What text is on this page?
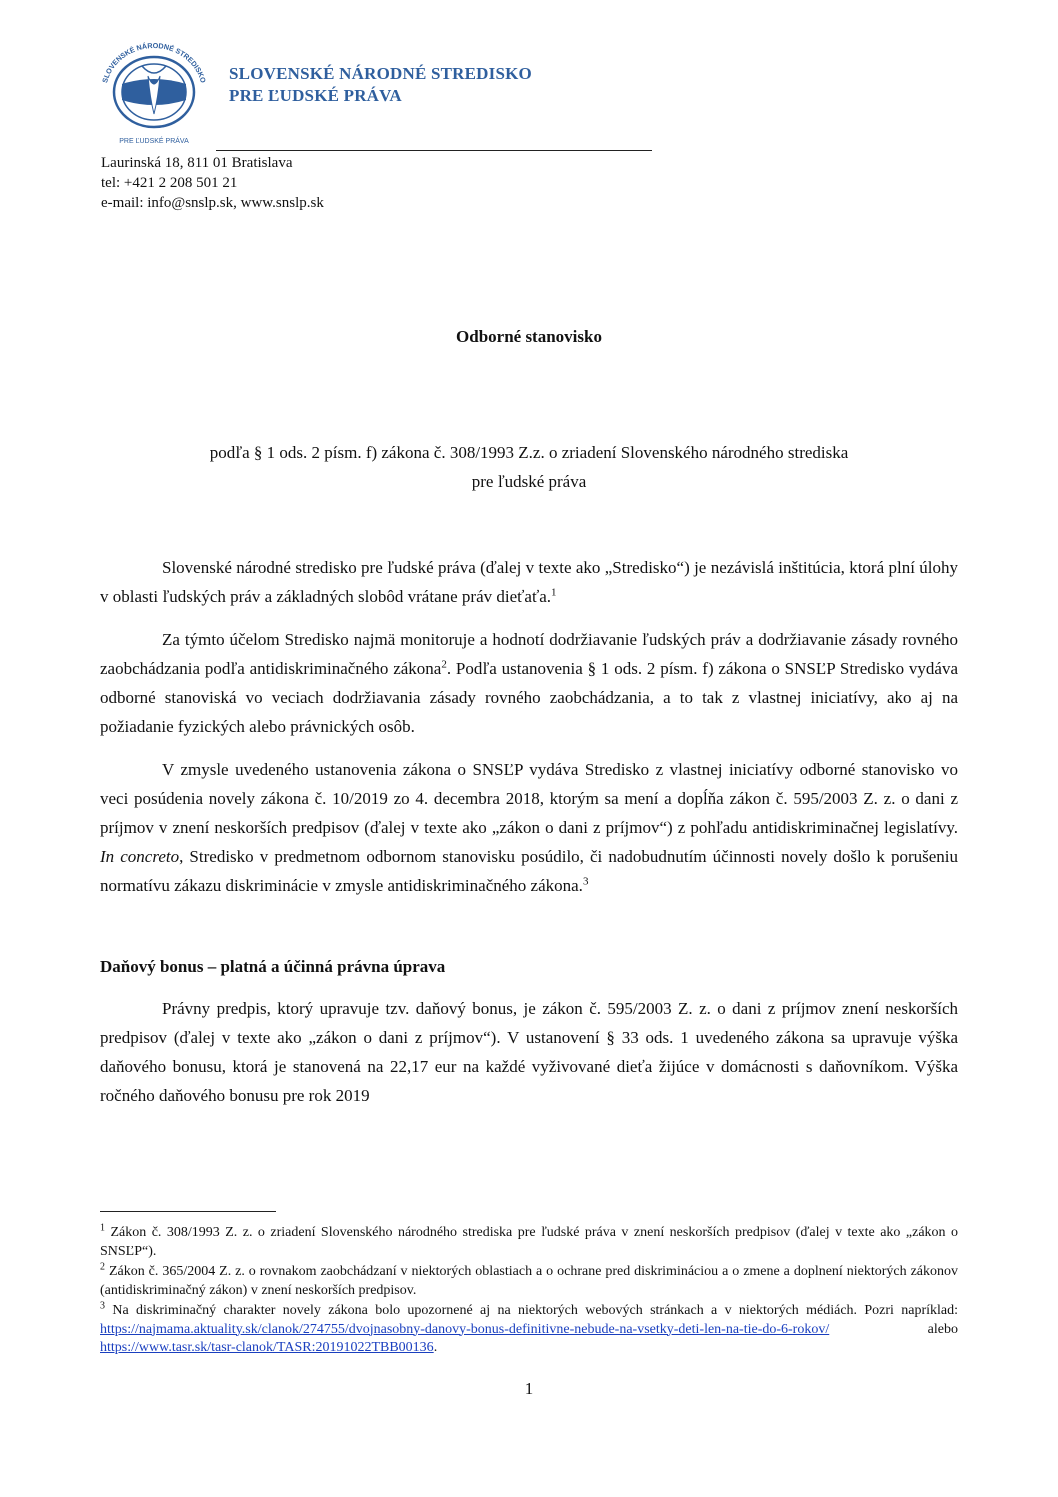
SLOVENSKÉ NÁRODNÉ STREDISKO
PRE ĽUDSKÉ PRÁVA
SLOVENSKÉ NÁRODNÉ STREDISKO
PRE ĽUDSKÉ PRÁVA
Laurinská 18, 811 01 Bratislava
tel: +421 2 208 501 21
e-mail: info@snslp.sk, www.snslp.sk
Odborné stanovisko
podľa § 1 ods. 2 písm. f) zákona č. 308/1993 Z.z. o zriadení Slovenského národného strediska
pre ľudské práva

Slovenské národné stredisko pre ľudské práva (ďalej v texte ako „Stredisko“) je nezávislá inštitúcia, ktorá plní úlohy v oblasti ľudských práv a základných slobôd vrátane práv dieťaťa.$^1$

Za týmto účelom Stredisko najmä monitoruje a hodnotí dodržiavanie ľudských práv a dodržiavanie zásady rovného zaobchádzania podľa antidiskriminačného zákona$^2$. Podľa ustanovenia § 1 ods. 2 písm. f) zákona o SNSĽP Stredisko vydáva odborné stanoviská vo veciach dodržiavania zásady rovného zaobchádzania, a to tak z vlastnej iniciatívy, ako aj na požiadanie fyzických alebo právnických osôb.

V zmysle uvedeného ustanovenia zákona o SNSĽP vydáva Stredisko z vlastnej iniciatívy odborné stanovisko vo veci posúdenia novely zákona č. 10/2019 zo 4. decembra 2018, ktorým sa mení a dopĺňa zákon č. 595/2003 Z. z. o dani z príjmov v znení neskorších predpisov (ďalej v texte ako „zákon o dani z príjmov“) z pohľadu antidiskriminačnej legislatívy. In concreto, Stredisko v predmetnom odbornom stanovisku posúdilo, či nadobudnutím účinnosti novely došlo k porušeniu normatívu zákazu diskriminácie v zmysle antidiskriminačného zákona.$^3$

Daňový bonus – platná a účinná právna úprava

Právny predpis, ktorý upravuje tzv. daňový bonus, je zákon č. 595/2003 Z. z. o dani z príjmov znení neskorších predpisov (ďalej v texte ako „zákon o dani z príjmov“). V ustanovení § 33 ods. 1 uvedeného zákona sa upravuje výška daňového bonusu, ktorá je stanovená na 22,17 eur na každé vyživované dieťa žijúce v domácnosti s daňovníkom. Výška ročného daňového bonusu pre rok 2019

$^1$ Zákon č. 308/1993 Z. z. o zriadení Slovenského národného strediska pre ľudské práva v znení neskorších predpisov (ďalej v texte ako „zákon o SNSĽP“).

$^2$ Zákon č. 365/2004 Z. z. o rovnakom zaobchádzaní v niektorých oblastiach a o ochrane pred diskrimináciou a o zmene a doplnení niektorých zákonov (antidiskriminačný zákon) v znení neskorších predpisov.

$^3$ Na diskriminačný charakter novely zákona bolo upozornené aj na niektorých webových stránkach a v niektorých médiách. Pozri napríklad: https://najmama.aktuality.sk/clanok/274755/dvojnasobny-danovy-bonus-definitivne-nebude-na-vsetky-deti-len-na-tie-do-6-rokov/ alebo https://www.tasr.sk/tasr-clanok/TASR:20191022TBB00136.

1
